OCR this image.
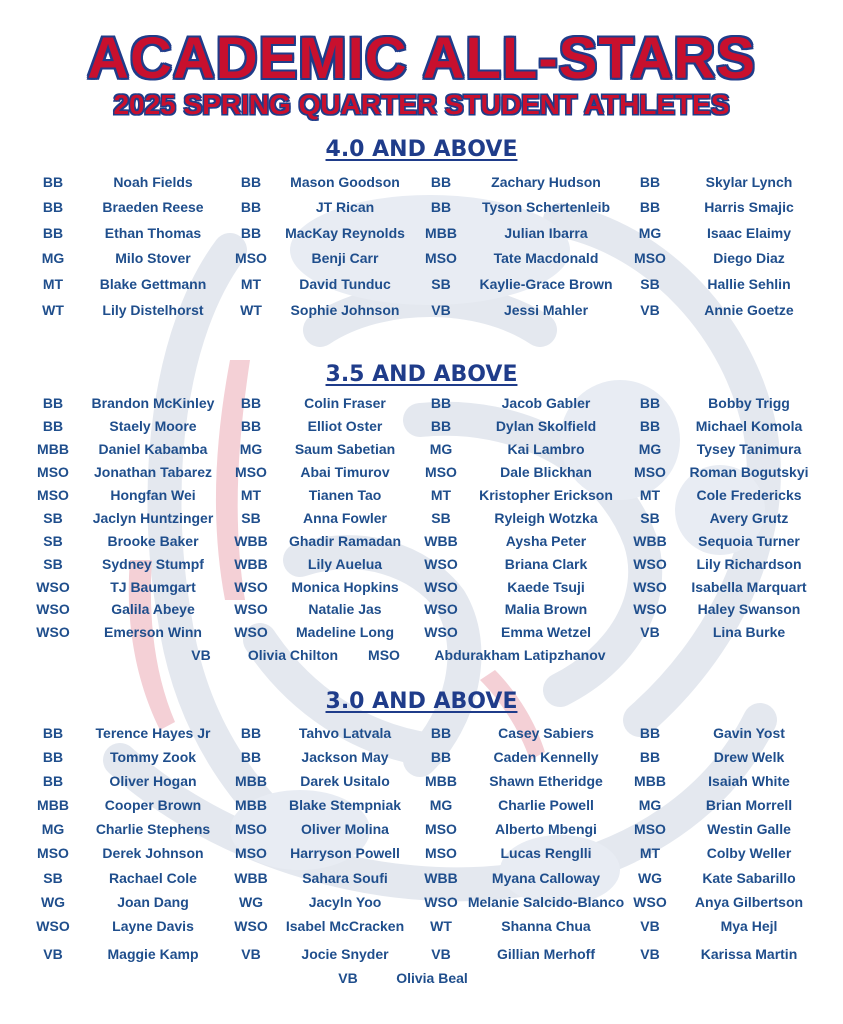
ACADEMIC ALL-STARS
2025 SPRING QUARTER STUDENT ATHLETES
4.0 AND ABOVE
BB	Noah Fields	BB Mason Goodson BB	Zachary Hudson	BB	Skylar Lynch
BB	Braeden Reese	BB	JT Rican	BB Tyson Schertenleib BB	Harris Smajic
BB	Ethan Thomas	BB MacKay Reynolds MBB	Julian Ibarra	MG	Isaac Elaimy
MG	Milo Stover	MSO	Benji Carr	MSO	Tate Macdonald	MSO	Diego Diaz
MT	Blake Gettmann MT	David Tunduc	SB Kaylie-Grace Brown SB	Hallie Sehlin
WT	Lily Distelhorst	WT Sophie Johnson VB	Jessi Mahler	VB	Annie Goetze
3.5 AND ABOVE
BB Brandon McKinley BB	Colin Fraser	BB	Jacob Gabler	BB	Bobby Trigg
BB	Staely Moore	BB	Elliot Oster	BB	Dylan Skolfield	BB	Michael Komola
MBB Daniel Kabamba MG Saum Sabetian MG	Kai Lambro	MG	Tysey Tanimura
MSO Jonathan Tabarez MSO Abai Timurov	MSO	Dale Blickhan	MSO Roman Bogutskyi
MSO	Hongfan Wei	MT	Tianen Tao	MT Kristopher Erickson MT	Cole Fredericks
SB Jaclyn Huntzinger SB	Anna Fowler	SB	Ryleigh Wotzka	SB	Avery Grutz
SB	Brooke Baker	WBB Ghadir Ramadan WBB	Aysha Peter	WBB Sequoia Turner
SB	Sydney Stumpf WBB	Lily Auelua	WSO	Briana Clark	WSO Lily Richardson
WSO	TJ Baumgart	WSO Monica Hopkins WSO	Kaede Tsuji	WSO Isabella Marquart
WSO	Galila Abeye	WSO	Natalie Jas	WSO	Malia Brown	WSO Haley Swanson
WSO Emerson Winn WSO Madeline Long WSO	Emma Wetzel	VB	Lina Burke
VB	Olivia Chilton MSO Abdurakham Latipzhanov
3.0 AND ABOVE
BB Terence Hayes Jr BB	Tahvo Latvala	BB	Casey Sabiers	BB	Gavin Yost
BB	Tommy Zook	BB	Jackson May	BB	Caden Kennelly	BB	Drew Welk
BB	Oliver Hogan	MBB Darek Usitalo	MBB Shawn Etheridge MBB	Isaiah White
MBB	Cooper Brown MBB Blake Stempniak MG	Charlie Powell	MG	Brian Morrell
MG Charlie Stephens MSO Oliver Molina	MSO	Alberto Mbengi	MSO	Westin Galle
MSO Derek Johnson MSO Harryson Powell MSO	Lucas Renglli	MT	Colby Weller
SB	Rachael Cole	WBB Sahara Soufi	WBB Myana Calloway	WG	Kate Sabarillo
WG	Joan Dang	WG	Jacyln Yoo	WSO Melanie Salcido-Blanco WSO Anya Gilbertson
WSO	Layne Davis	WSO Isabel McCracken WT	Shanna Chua	VB	Mya Hejl
VB	Maggie Kamp	VB	Jocie Snyder	VB	Gillian Merhoff	VB	Karissa Martin
VB	Olivia Beal
